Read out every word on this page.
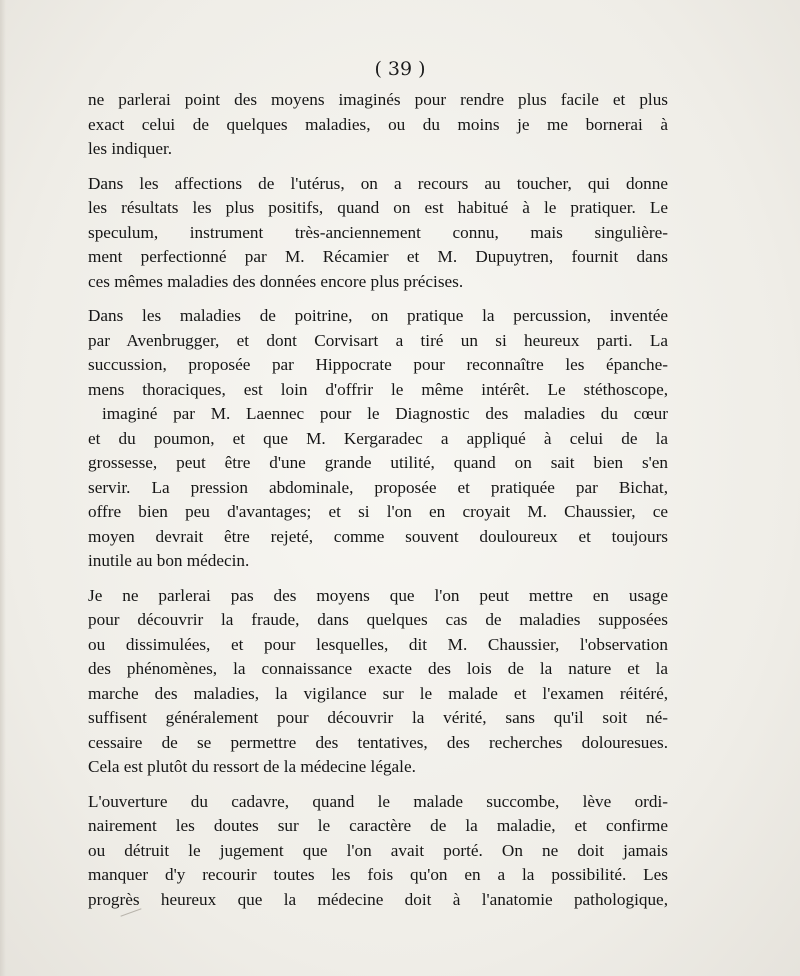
( 39 )
ne parlerai point des moyens imaginés pour rendre plus facile et plus
exact celui de quelques maladies, ou du moins je me bornerai à
les indiquer.
Dans les affections de l'utérus, on a recours au toucher, qui donne
les résultats les plus positifs, quand on est habitué à le pratiquer. Le
speculum, instrument très-anciennement connu, mais singulière-
ment perfectionné par M. Récamier et M. Dupuytren, fournit dans
ces mêmes maladies des données encore plus précises.
Dans les maladies de poitrine, on pratique la percussion, inventée
par Avenbrugger, et dont Corvisart a tiré un si heureux parti. La
succussion, proposée par Hippocrate pour reconnaître les épanche-
mens thoraciques, est loin d'offrir le même intérêt. Le stéthoscope,
imaginé par M. Laennec pour le Diagnostic des maladies du cœur
et du poumon, et que M. Kergaradec a appliqué à celui de la
grossesse, peut être d'une grande utilité, quand on sait bien s'en
servir. La pression abdominale, proposée et pratiquée par Bichat,
offre bien peu d'avantages; et si l'on en croyait M. Chaussier, ce
moyen devrait être rejeté, comme souvent douloureux et toujours
inutile au bon médecin.
Je ne parlerai pas des moyens que l'on peut mettre en usage
pour découvrir la fraude, dans quelques cas de maladies supposées
ou dissimulées, et pour lesquelles, dit M. Chaussier, l'observation
des phénomènes, la connaissance exacte des lois de la nature et la
marche des maladies, la vigilance sur le malade et l'examen réitéré,
suffisent généralement pour découvrir la vérité, sans qu'il soit né-
cessaire de se permettre des tentatives, des recherches dolouresues.
Cela est plutôt du ressort de la médecine légale.
L'ouverture du cadavre, quand le malade succombe, lève ordi-
nairement les doutes sur le caractère de la maladie, et confirme
ou détruit le jugement que l'on avait porté. On ne doit jamais
manquer d'y recourir toutes les fois qu'on en a la possibilité. Les
progrès heureux que la médecine doit à l'anatomie pathologique,
